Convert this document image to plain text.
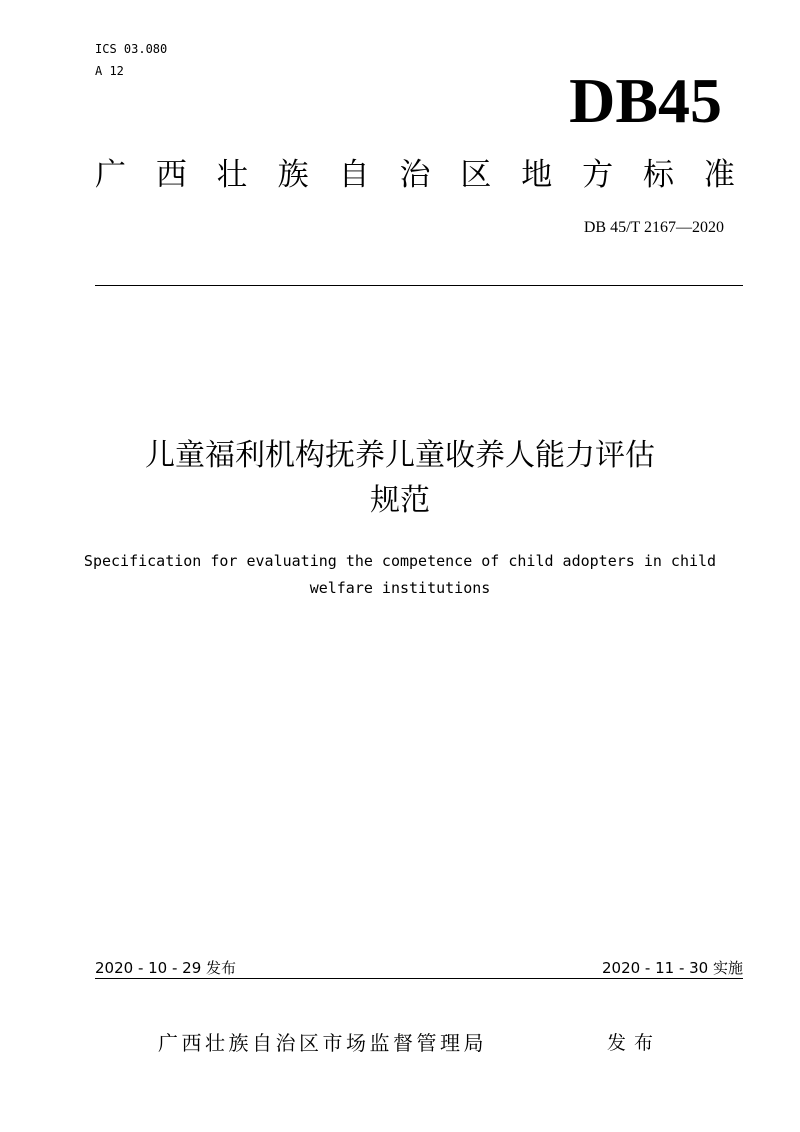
ICS 03.080
A 12	DB45
广 西 壮 族 自 治 区 地 方 标 准
DB 45/T 2167—2020
儿童福利机构抚养儿童收养人能力评估
规范
Specification for evaluating the competence of child adopters in child
welfare institutions
2020 - 10 - 29 发布	2020 - 11 - 30 实施
广西壮族自治区市场监督管理局	发布
